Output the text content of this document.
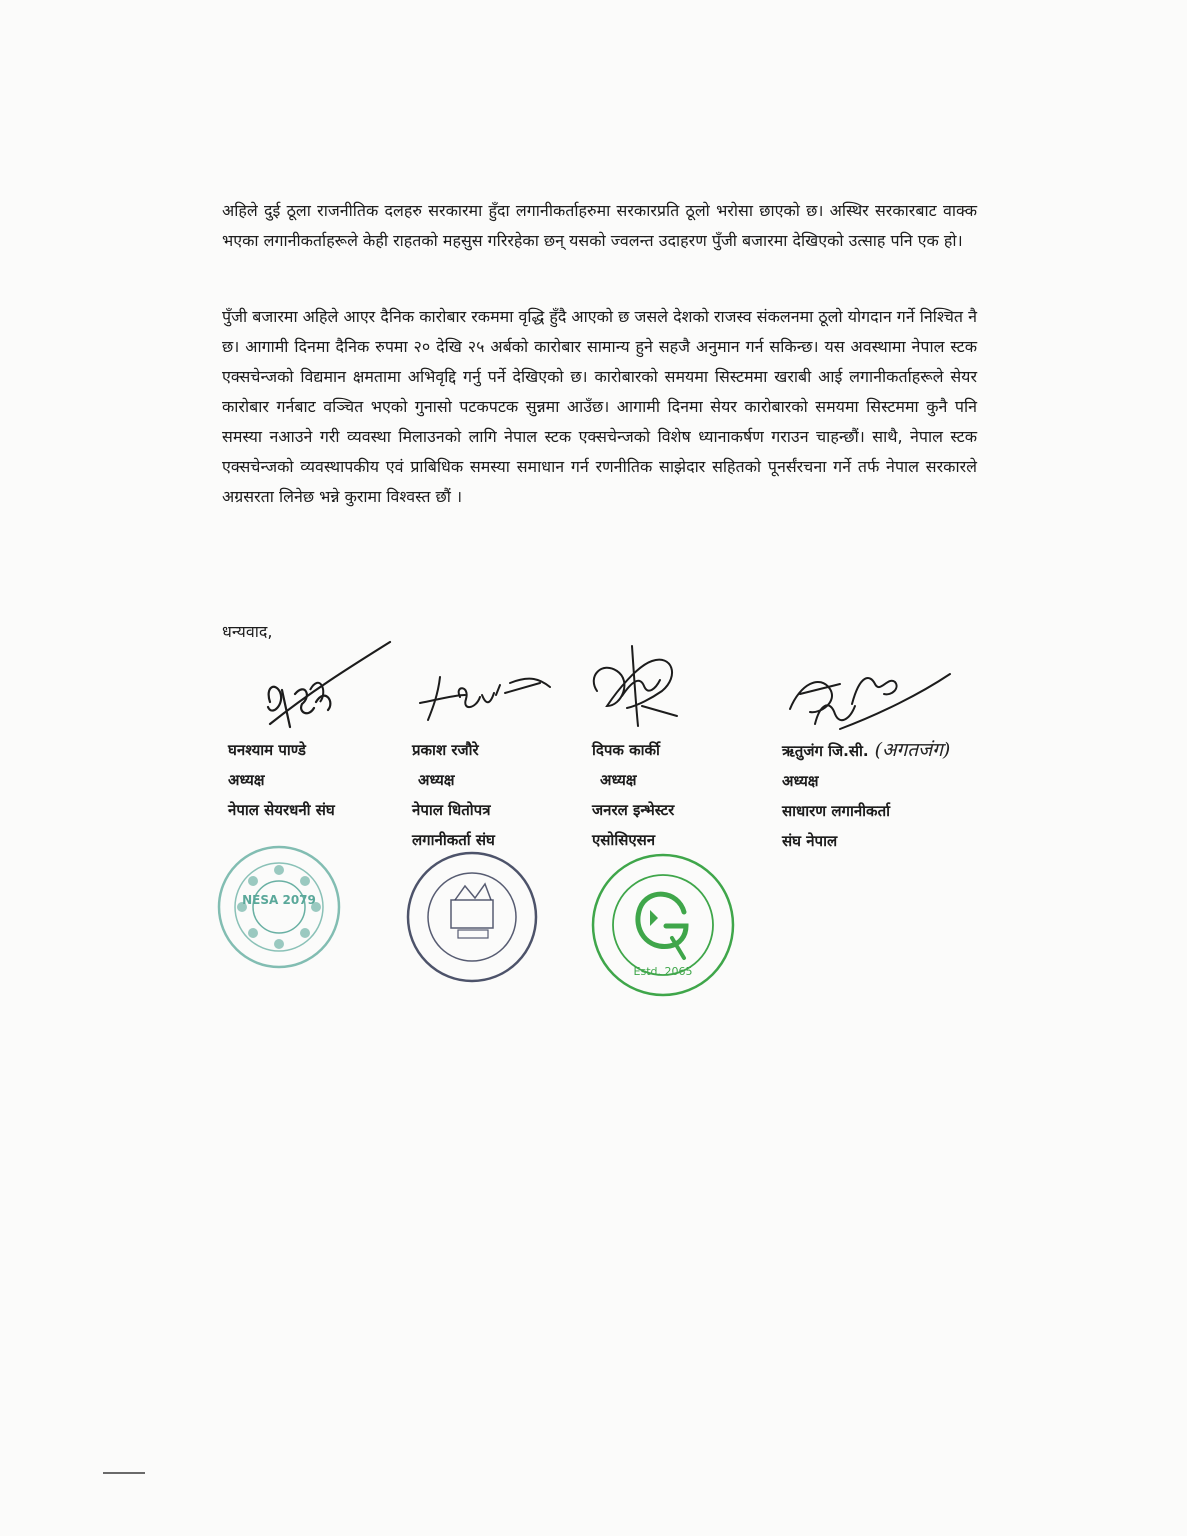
अहिले दुई ठूला राजनीतिक दलहरु सरकारमा हुँदा लगानीकर्ताहरुमा सरकारप्रति ठूलो भरोसा छाएको छ। अस्थिर सरकारबाट वाक्क भएका लगानीकर्ताहरूले केही राहतको महसुस गरिरहेका छन् यसको ज्वलन्त उदाहरण पुँजी बजारमा देखिएको उत्साह पनि एक हो।

पुँजी बजारमा अहिले आएर दैनिक कारोबार रकममा वृद्धि हुँदै आएको छ जसले देशको राजस्व संकलनमा ठूलो योगदान गर्ने निश्चित नै छ। आगामी दिनमा दैनिक रुपमा २० देखि २५ अर्बको कारोबार सामान्य हुने सहजै अनुमान गर्न सकिन्छ। यस अवस्थामा नेपाल स्टक एक्सचेन्जको विद्यमान क्षमतामा अभिवृद्दि गर्नु पर्ने देखिएको छ। कारोबारको समयमा सिस्टममा खराबी आई लगानीकर्ताहरूले सेयर कारोबार गर्नबाट वञ्चित भएको गुनासो पटकपटक सुन्नमा आउँछ। आगामी दिनमा सेयर कारोबारको समयमा सिस्टममा कुनै पनि समस्या नआउने गरी व्यवस्था मिलाउनको लागि नेपाल स्टक एक्सचेन्जको विशेष ध्यानाकर्षण गराउन चाहन्छौं। साथै, नेपाल स्टक एक्सचेन्जकाे व्यवस्थापकीय एवं प्राबिधिक समस्या समाधान गर्न रणनीतिक साझेदार सहितकाे पूनर्संरचना गर्ने तर्फ नेपाल सरकारले अग्रसरता लिनेछ भन्ने कुरामा विश्वस्त छाैं ।

धन्यवाद,
घनश्याम पाण्डे
अध्यक्ष
नेपाल सेयरधनी संघ
प्रकाश रजौरे
अध्यक्ष
नेपाल धितोपत्र
लगानीकर्ता संघ
दिपक कार्की
अध्यक्ष
जनरल इन्भेस्टर
एसोसिएसन
ऋतुजंग जि.सी. (अगतजंग)
अध्यक्ष
साधारण लगानीकर्ता
संघ नेपाल
NESA 2079
Estd. 2065
